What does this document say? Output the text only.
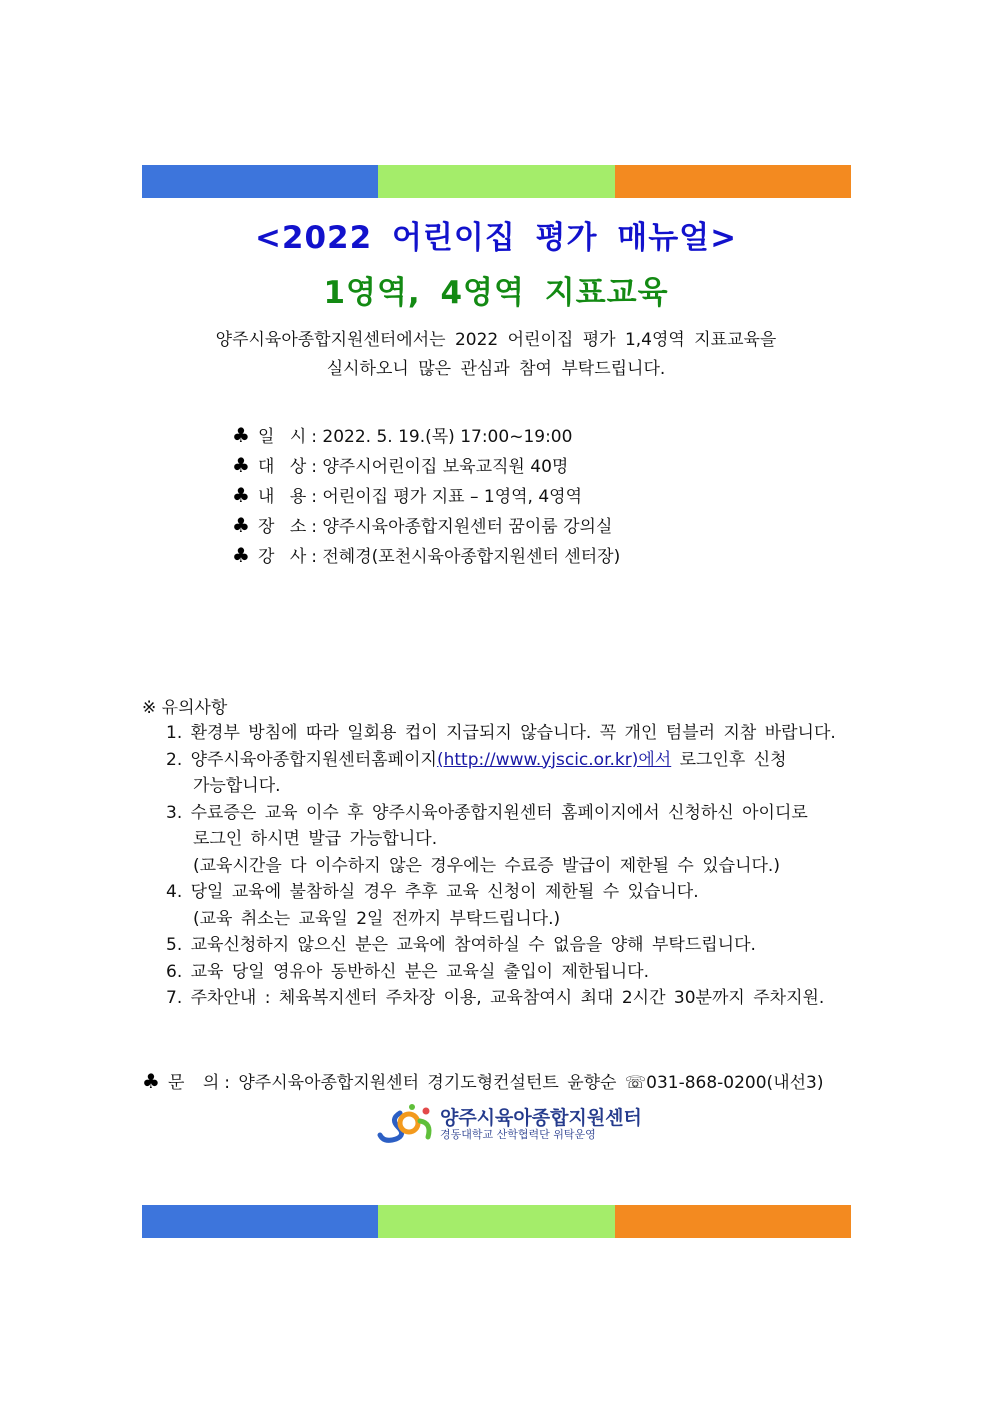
<2022 어린이집 평가 매뉴얼>
1영역, 4영역 지표교육
양주시육아종합지원센터에서는 2022 어린이집 평가 1,4영역 지표교육을
실시하오니 많은 관심과 참여 부탁드립니다.
♣ 일 시: 2022. 5. 19.(목) 17:00~19:00
♣ 대 상: 양주시어린이집 보육교직원 40명
♣ 내 용: 어린이집 평가 지표 – 1영역, 4영역
♣ 장 소: 양주시육아종합지원센터 꿈이룸 강의실
♣ 강 사: 전혜경(포천시육아종합지원센터 센터장)
※ 유의사항
1. 환경부 방침에 따라 일회용 컵이 지급되지 않습니다. 꼭 개인 텀블러 지참 바랍니다.
2. 양주시육아종합지원센터홈페이지(http://www.yjscic.or.kr)에서 로그인후 신청
가능합니다.
3. 수료증은 교육 이수 후 양주시육아종합지원센터 홈페이지에서 신청하신 아이디로
로그인 하시면 발급 가능합니다.
(교육시간을 다 이수하지 않은 경우에는 수료증 발급이 제한될 수 있습니다.)
4. 당일 교육에 불참하실 경우 추후 교육 신청이 제한될 수 있습니다.
(교육 취소는 교육일 2일 전까지 부탁드립니다.)
5. 교육신청하지 않으신 분은 교육에 참여하실 수 없음을 양해 부탁드립니다.
6. 교육 당일 영유아 동반하신 분은 교육실 출입이 제한됩니다.
7. 주차안내 : 체육복지센터 주차장 이용, 교육참여시 최대 2시간 30분까지 주차지원.
♣ 문 의: 양주시육아종합지원센터 경기도형컨설턴트 윤향순 ☏031-868-0200(내선3)
양주시육아종합지원센터
경동대학교 산학협력단 위탁운영
